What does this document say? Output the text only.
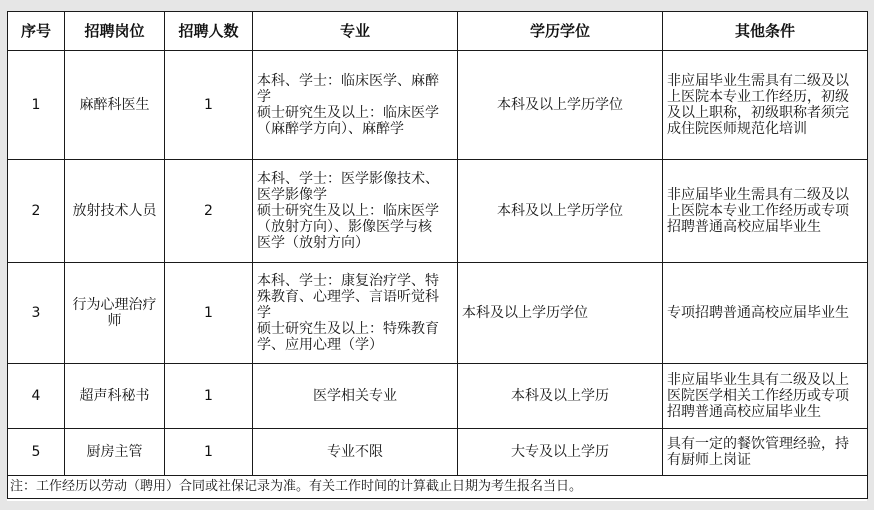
序号	招聘岗位	招聘人数	专业	学历学位	其他条件
1	麻醉科医生	1	本科、学士：临床医学、麻醉
学
硕士研究生及以上：临床医学
（麻醉学方向）、麻醉学	本科及以上学历学位	非应届毕业生需具有二级及以
上医院本专业工作经历，初级
及以上职称，初级职称者须完
成住院医师规范化培训

2	放射技术人员	2	本科、学士：医学影像技术、
医学影像学
硕士研究生及以上：临床医学
（放射方向）、影像医学与核
医学（放射方向）	本科及以上学历学位	非应届毕业生需具有二级及以
上医院本专业工作经历或专项
招聘普通高校应届毕业生

3	行为心理治疗师	1	本科、学士：康复治疗学、特
殊教育、心理学、言语听觉科
学
硕士研究生及以上：特殊教育
学、应用心理（学）	本科及以上学历学位	专项招聘普通高校应届毕业生

4	超声科秘书	1	医学相关专业	本科及以上学历	非应届毕业生具有二级及以上
医院医学相关工作经历或专项
招聘普通高校应届毕业生

5	厨房主管	1	专业不限	大专及以上学历	具有一定的餐饮管理经验，持
有厨师上岗证

注：工作经历以劳动（聘用）合同或社保记录为准。有关工作时间的计算截止日期为考生报名当日。					
